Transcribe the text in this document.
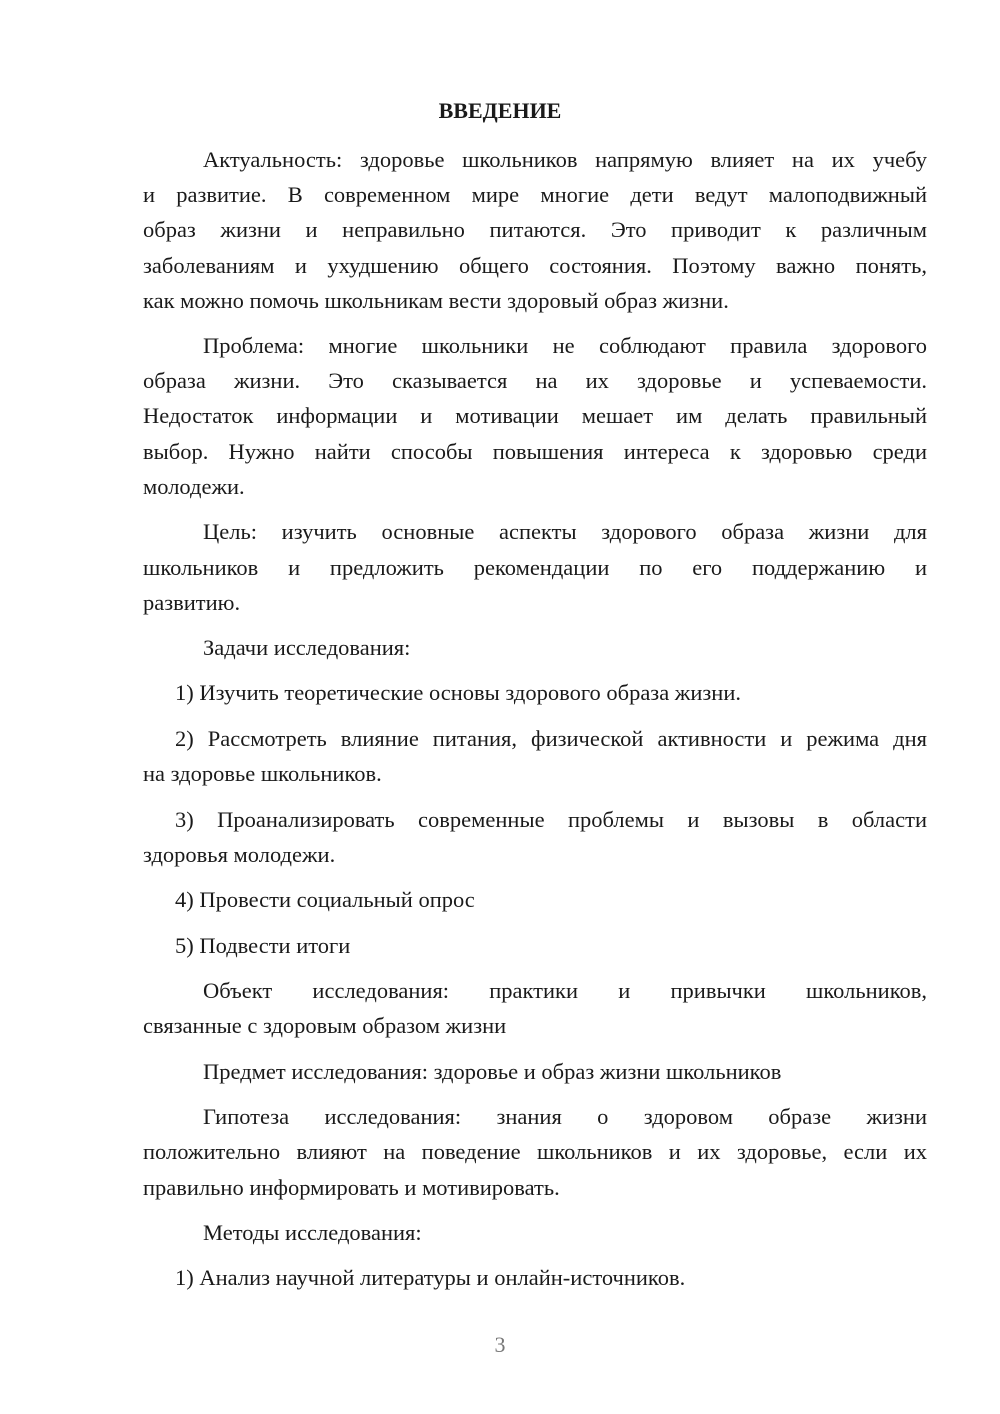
ВВЕДЕНИЕ
Актуальность: здоровье школьников напрямую влияет на их учебу
и развитие. В современном мире многие дети ведут малоподвижный
образ жизни и неправильно питаются. Это приводит к различным
заболеваниям и ухудшению общего состояния. Поэтому важно понять,
как можно помочь школьникам вести здоровый образ жизни.
Проблема: многие школьники не соблюдают правила здорового
образа жизни. Это сказывается на их здоровье и успеваемости.
Недостаток информации и мотивации мешает им делать правильный
выбор. Нужно найти способы повышения интереса к здоровью среди
молодежи.
Цель: изучить основные аспекты здорового образа жизни для
школьников и предложить рекомендации по его поддержанию и
развитию.
Задачи исследования:
1) Изучить теоретические основы здорового образа жизни.
2) Рассмотреть влияние питания, физической активности и режима дня
на здоровье школьников.
3) Проанализировать современные проблемы и вызовы в области
здоровья молодежи.
4) Провести социальный опрос
5) Подвести итоги
Объект исследования: практики и привычки школьников,
связанные с здоровым образом жизни
Предмет исследования: здоровье и образ жизни школьников
Гипотеза исследования: знания о здоровом образе жизни
положительно влияют на поведение школьников и их здоровье, если их
правильно информировать и мотивировать.
Методы исследования:
1) Анализ научной литературы и онлайн-источников.
3
